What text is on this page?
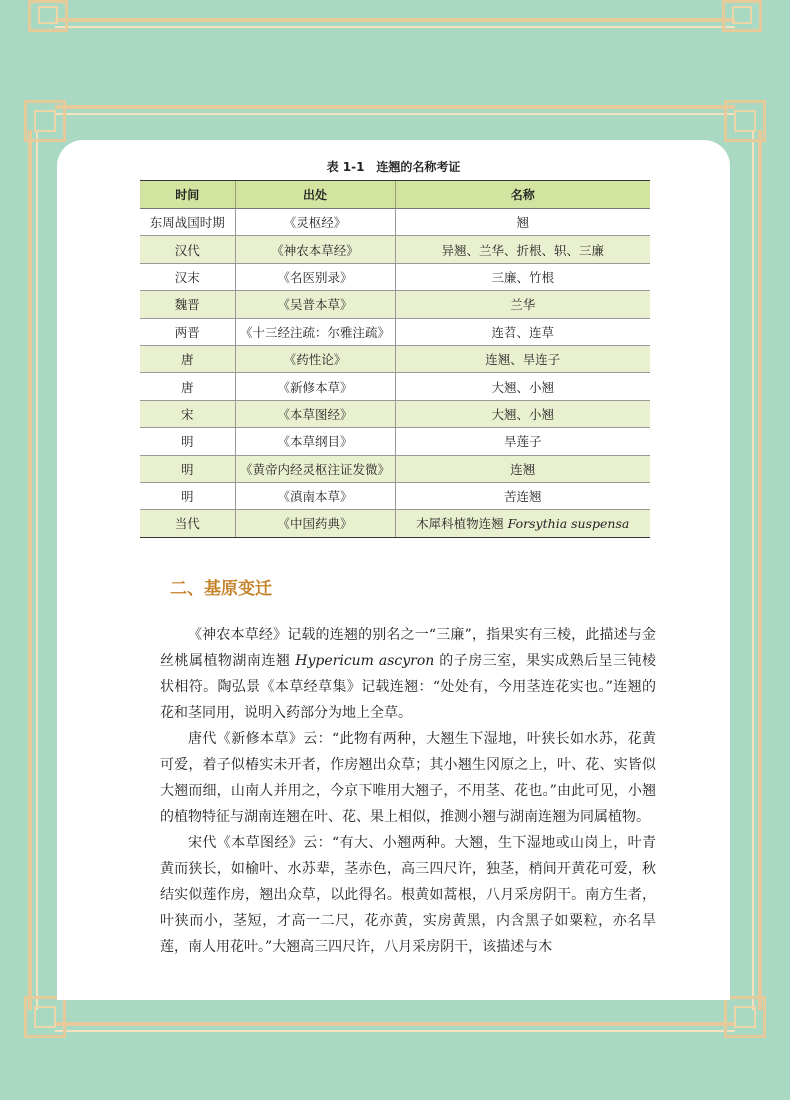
表 1-1　连翘的名称考证
时间	出处	名称
东周战国时期	《灵枢经》	翘
汉代	《神农本草经》	异翘、兰华、折根、轵、三廉
汉末	《名医别录》	三廉、竹根
魏晋	《吴普本草》	兰华
两晋	《十三经注疏：尔雅注疏》	连苕、连草
唐	《药性论》	连翘、旱连子
唐	《新修本草》	大翘、小翘
宋	《本草图经》	大翘、小翘
明	《本草纲目》	旱莲子
明	《黄帝内经灵枢注证发微》	连翘
明	《滇南本草》	苦连翘
当代	《中国药典》	木犀科植物连翘 Forsythia suspensa
二、基原变迁

《神农本草经》记载的连翘的别名之一“三廉”，指果实有三棱，此描述与金丝桃属植物湖南连翘 Hypericum ascyron 的子房三室，果实成熟后呈三钝棱状相符。陶弘景《本草经草集》记载连翘：“处处有，今用茎连花实也。”连翘的花和茎同用，说明入药部分为地上全草。

唐代《新修本草》云：“此物有两种，大翘生下湿地，叶狭长如水苏，花黄可爱，着子似椿实未开者，作房翘出众草；其小翘生冈原之上，叶、花、实皆似大翘而细，山南人并用之，今京下唯用大翘子，不用茎、花也。”由此可见，小翘的植物特征与湖南连翘在叶、花、果上相似，推测小翘与湖南连翘为同属植物。

宋代《本草图经》云：“有大、小翘两种。大翘，生下湿地或山岗上，叶青黄而狭长，如榆叶、水苏辈，茎赤色，高三四尺许，独茎，梢间开黄花可爱，秋结实似莲作房，翘出众草，以此得名。根黄如蒿根，八月采房阴干。南方生者，叶狭而小，茎短，才高一二尺，花亦黄，实房黄黑，内含黑子如粟粒，亦名旱莲，南人用花叶。”大翘高三四尺许，八月采房阴干，该描述与木
